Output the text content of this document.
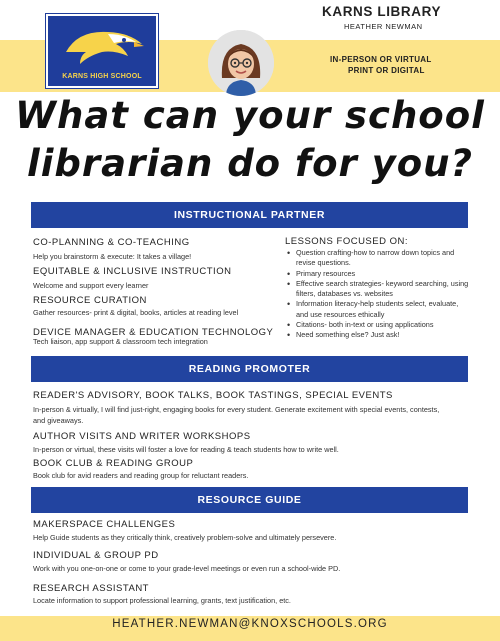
KARNS HIGH SCHOOL
KARNS LIBRARY
HEATHER NEWMAN
IN-PERSON OR VIRTUAL
PRINT OR DIGITAL
What can your school
librarian do for you?
INSTRUCTIONAL PARTNER
CO-PLANNING & CO-TEACHING
Help you brainstorm & execute: It takes a village!
EQUITABLE & INCLUSIVE INSTRUCTION
Welcome and support every learner
RESOURCE CURATION
Gather resources- print & digital, books, articles at reading level
DEVICE MANAGER & EDUCATION TECHNOLOGY
Tech liaison, app support & classroom tech integration
LESSONS FOCUSED ON:
• Question crafting-how to narrow down topics and revise questions.
• Primary resources
• Effective search strategies- keyword searching, using filters, databases vs. websites
• Information literacy-help students select, evaluate, and use resources ethically
• Citations- both in-text or using applications
• Need something else? Just ask!
READING PROMOTER
READER'S ADVISORY, BOOK TALKS, BOOK TASTINGS, SPECIAL EVENTS
In-person & virtually, I will find just-right, engaging books for every student. Generate excitement with special events, contests, and giveaways.
AUTHOR VISITS AND WRITER WORKSHOPS
In-person or virtual, these visits will foster a love for reading & teach students how to write well.
BOOK CLUB & READING GROUP
Book club for avid readers and reading group for reluctant readers.
RESOURCE GUIDE
MAKERSPACE CHALLENGES
Help Guide students as they critically think, creatively problem-solve and ultimately persevere.
INDIVIDUAL & GROUP PD
Work with you one-on-one or come to your grade-level meetings or even run a school-wide PD.
RESEARCH ASSISTANT
Locate information to support professional learning, grants, text justification, etc.
HEATHER.NEWMAN@KNOXSCHOOLS.ORG
